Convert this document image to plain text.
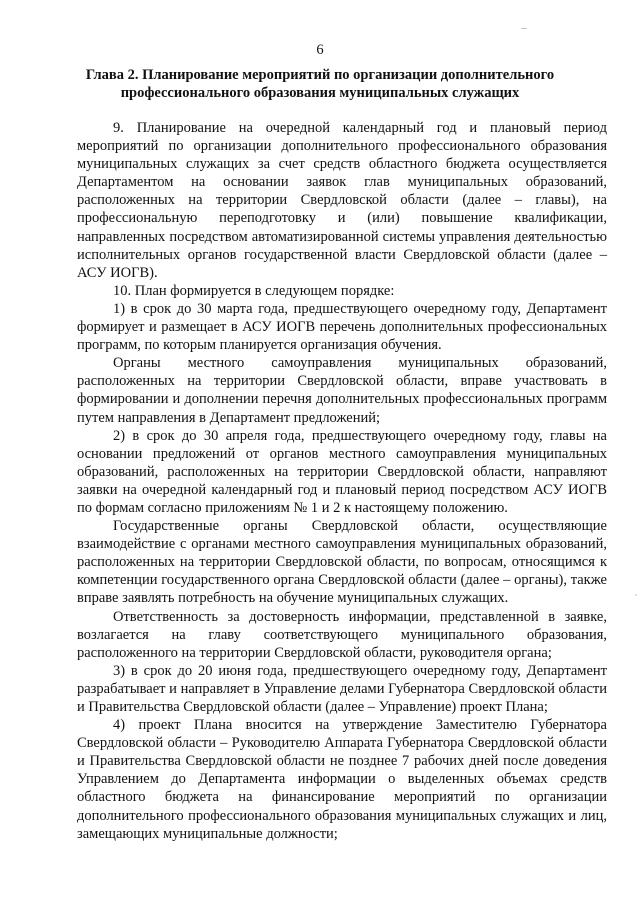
6
Глава 2. Планирование мероприятий по организации дополнительного профессионального образования муниципальных служащих

9. Планирование на очередной календарный год и плановый период мероприятий по организации дополнительного профессионального образования муниципальных служащих за счет средств областного бюджета осуществляется Департаментом на основании заявок глав муниципальных образований, расположенных на территории Свердловской области (далее – главы), на профессиональную переподготовку и (или) повышение квалификации, направленных посредством автоматизированной системы управления деятельностью исполнительных органов государственной власти Свердловской области (далее – АСУ ИОГВ).

10. План формируется в следующем порядке:

1) в срок до 30 марта года, предшествующего очередному году, Департамент формирует и размещает в АСУ ИОГВ перечень дополнительных профессиональных программ, по которым планируется организация обучения.

Органы местного самоуправления муниципальных образований, расположенных на территории Свердловской области, вправе участвовать в формировании и дополнении перечня дополнительных профессиональных программ путем направления в Департамент предложений;

2) в срок до 30 апреля года, предшествующего очередному году, главы на основании предложений от органов местного самоуправления муниципальных образований, расположенных на территории Свердловской области, направляют заявки на очередной календарный год и плановый период посредством АСУ ИОГВ по формам согласно приложениям № 1 и 2 к настоящему положению.

Государственные органы Свердловской области, осуществляющие взаимодействие с органами местного самоуправления муниципальных образований, расположенных на территории Свердловской области, по вопросам, относящимся к компетенции государственного органа Свердловской области (далее – органы), также вправе заявлять потребность на обучение муниципальных служащих.

Ответственность за достоверность информации, представленной в заявке, возлагается на главу соответствующего муниципального образования, расположенного на территории Свердловской области, руководителя органа;

3) в срок до 20 июня года, предшествующего очередному году, Департамент разрабатывает и направляет в Управление делами Губернатора Свердловской области и Правительства Свердловской области (далее – Управление) проект Плана;

4) проект Плана вносится на утверждение Заместителю Губернатора Свердловской области – Руководителю Аппарата Губернатора Свердловской области и Правительства Свердловской области не позднее 7 рабочих дней после доведения Управлением до Департамента информации о выделенных объемах средств областного бюджета на финансирование мероприятий по организации дополнительного профессионального образования муниципальных служащих и лиц, замещающих муниципальные должности;
